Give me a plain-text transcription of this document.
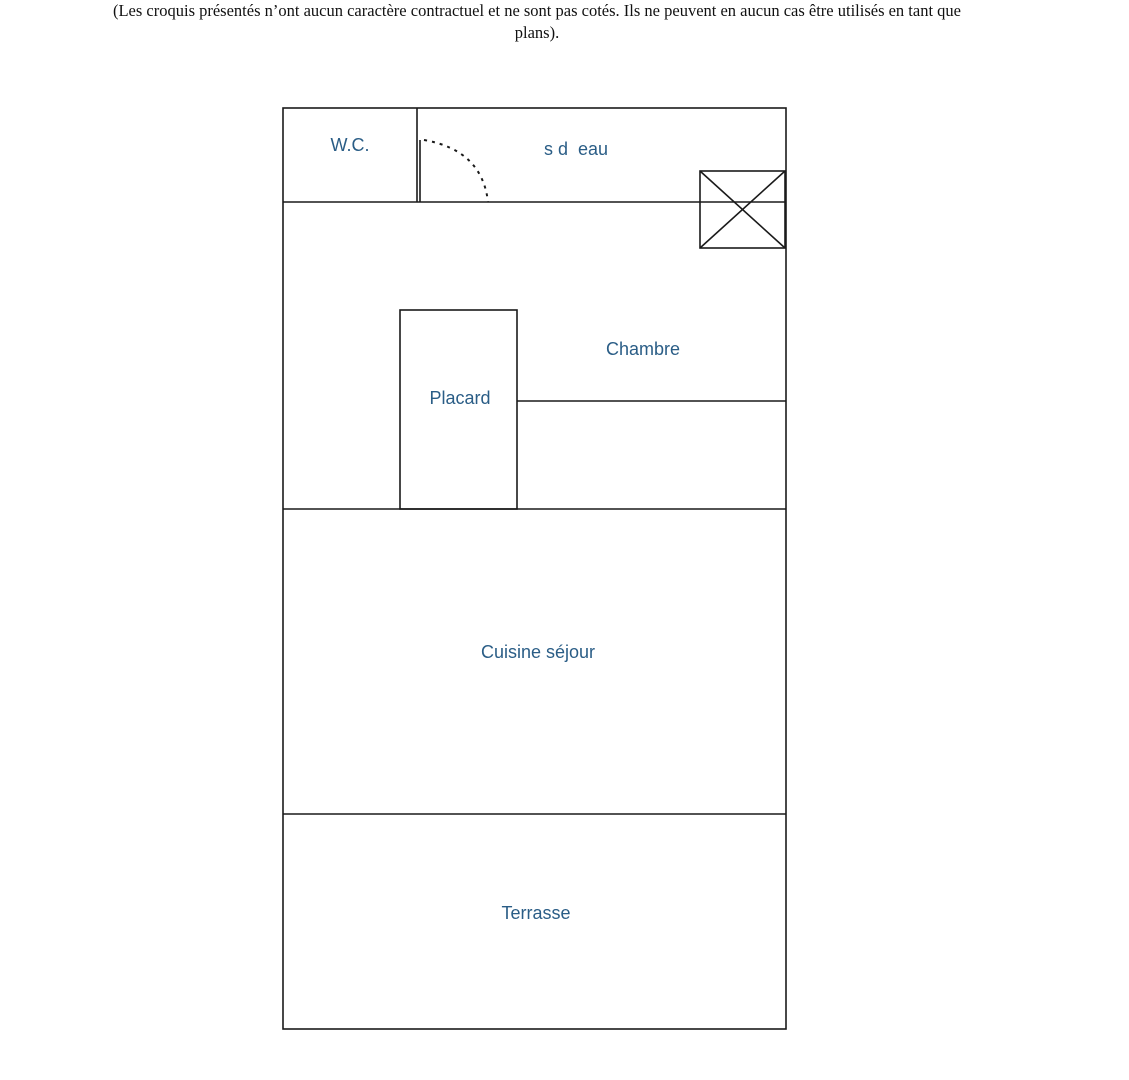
(Les croquis présentés n’ont aucun caractère contractuel et ne sont pas cotés. Ils ne peuvent en aucun cas être utilisés en tant que
plans).

W.C.	s d  eau
Chambre
Placard
Cuisine séjour
Terrasse
